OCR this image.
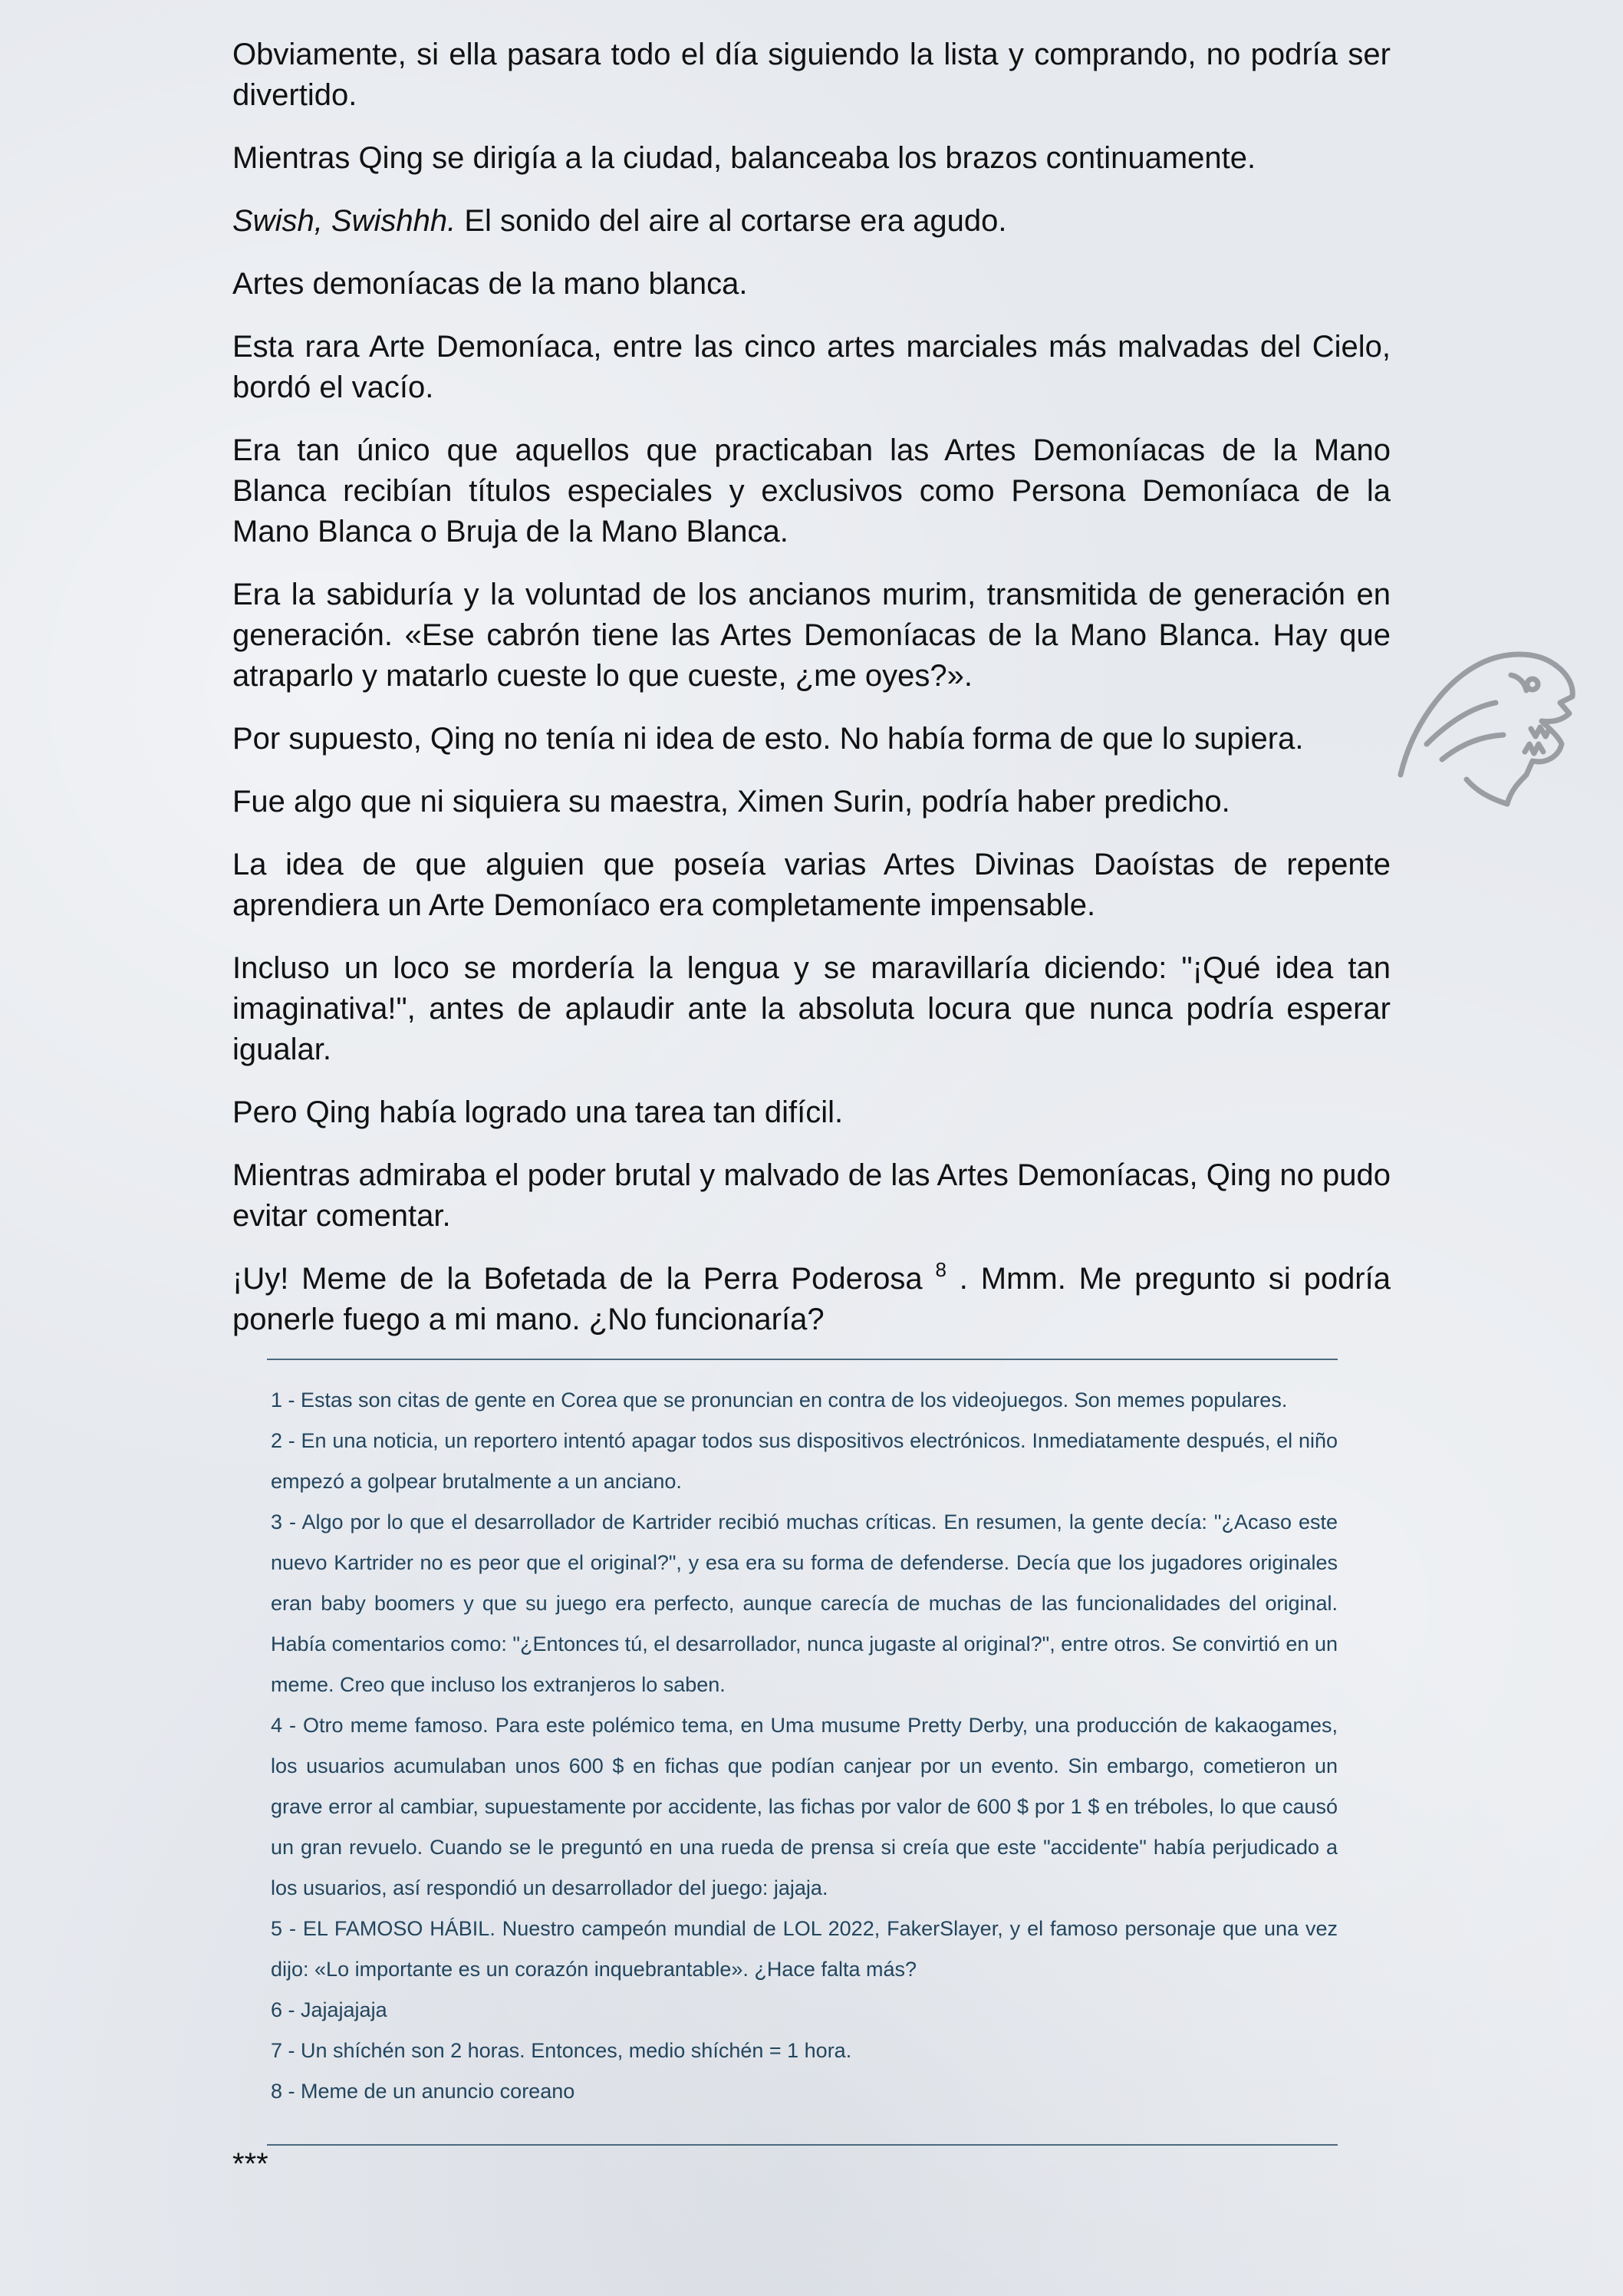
Obviamente, si ella pasara todo el día siguiendo la lista y comprando, no podría ser divertido.

Mientras Qing se dirigía a la ciudad, balanceaba los brazos continuamente.

Swish, Swishhh. El sonido del aire al cortarse era agudo.

Artes demoníacas de la mano blanca.

Esta rara Arte Demoníaca, entre las cinco artes marciales más malvadas del Cielo, bordó el vacío.

Era tan único que aquellos que practicaban las Artes Demoníacas de la Mano Blanca recibían títulos especiales y exclusivos como Persona Demoníaca de la Mano Blanca o Bruja de la Mano Blanca.

Era la sabiduría y la voluntad de los ancianos murim, transmitida de generación en generación. «Ese cabrón tiene las Artes Demoníacas de la Mano Blanca. Hay que atraparlo y matarlo cueste lo que cueste, ¿me oyes?».

Por supuesto, Qing no tenía ni idea de esto. No había forma de que lo supiera.

Fue algo que ni siquiera su maestra, Ximen Surin, podría haber predicho.

La idea de que alguien que poseía varias Artes Divinas Daoístas de repente aprendiera un Arte Demoníaco era completamente impensable.

Incluso un loco se mordería la lengua y se maravillaría diciendo: "¡Qué idea tan imaginativa!", antes de aplaudir ante la absoluta locura que nunca podría esperar igualar.

Pero Qing había logrado una tarea tan difícil.

Mientras admiraba el poder brutal y malvado de las Artes Demoníacas, Qing no pudo evitar comentar.

¡Uy! Meme de la Bofetada de la Perra Poderosa $^8$ . Mmm. Me pregunto si podría ponerle fuego a mi mano. ¿No funcionaría?

1 - Estas son citas de gente en Corea que se pronuncian en contra de los videojuegos. Son memes populares.
2 - En una noticia, un reportero intentó apagar todos sus dispositivos electrónicos. Inmediatamente después, el niño empezó a golpear brutalmente a un anciano.
3 - Algo por lo que el desarrollador de Kartrider recibió muchas críticas. En resumen, la gente decía: "¿Acaso este nuevo Kartrider no es peor que el original?", y esa era su forma de defenderse. Decía que los jugadores originales eran baby boomers y que su juego era perfecto, aunque carecía de muchas de las funcionalidades del original. Había comentarios como: "¿Entonces tú, el desarrollador, nunca jugaste al original?", entre otros. Se convirtió en un meme. Creo que incluso los extranjeros lo saben.
4 - Otro meme famoso. Para este polémico tema, en Uma musume Pretty Derby, una producción de kakaogames, los usuarios acumulaban unos 600 $ en fichas que podían canjear por un evento. Sin embargo, cometieron un grave error al cambiar, supuestamente por accidente, las fichas por valor de 600 $ por 1 $ en tréboles, lo que causó un gran revuelo. Cuando se le preguntó en una rueda de prensa si creía que este "accidente" había perjudicado a los usuarios, así respondió un desarrollador del juego: jajaja.
5 - EL FAMOSO HÁBIL. Nuestro campeón mundial de LOL 2022, FakerSlayer, y el famoso personaje que una vez dijo: «Lo importante es un corazón inquebrantable». ¿Hace falta más?
6 - Jajajajaja
7 - Un shíchén son 2 horas. Entonces, medio shíchén = 1 hora.
8 - Meme de un anuncio coreano
***
